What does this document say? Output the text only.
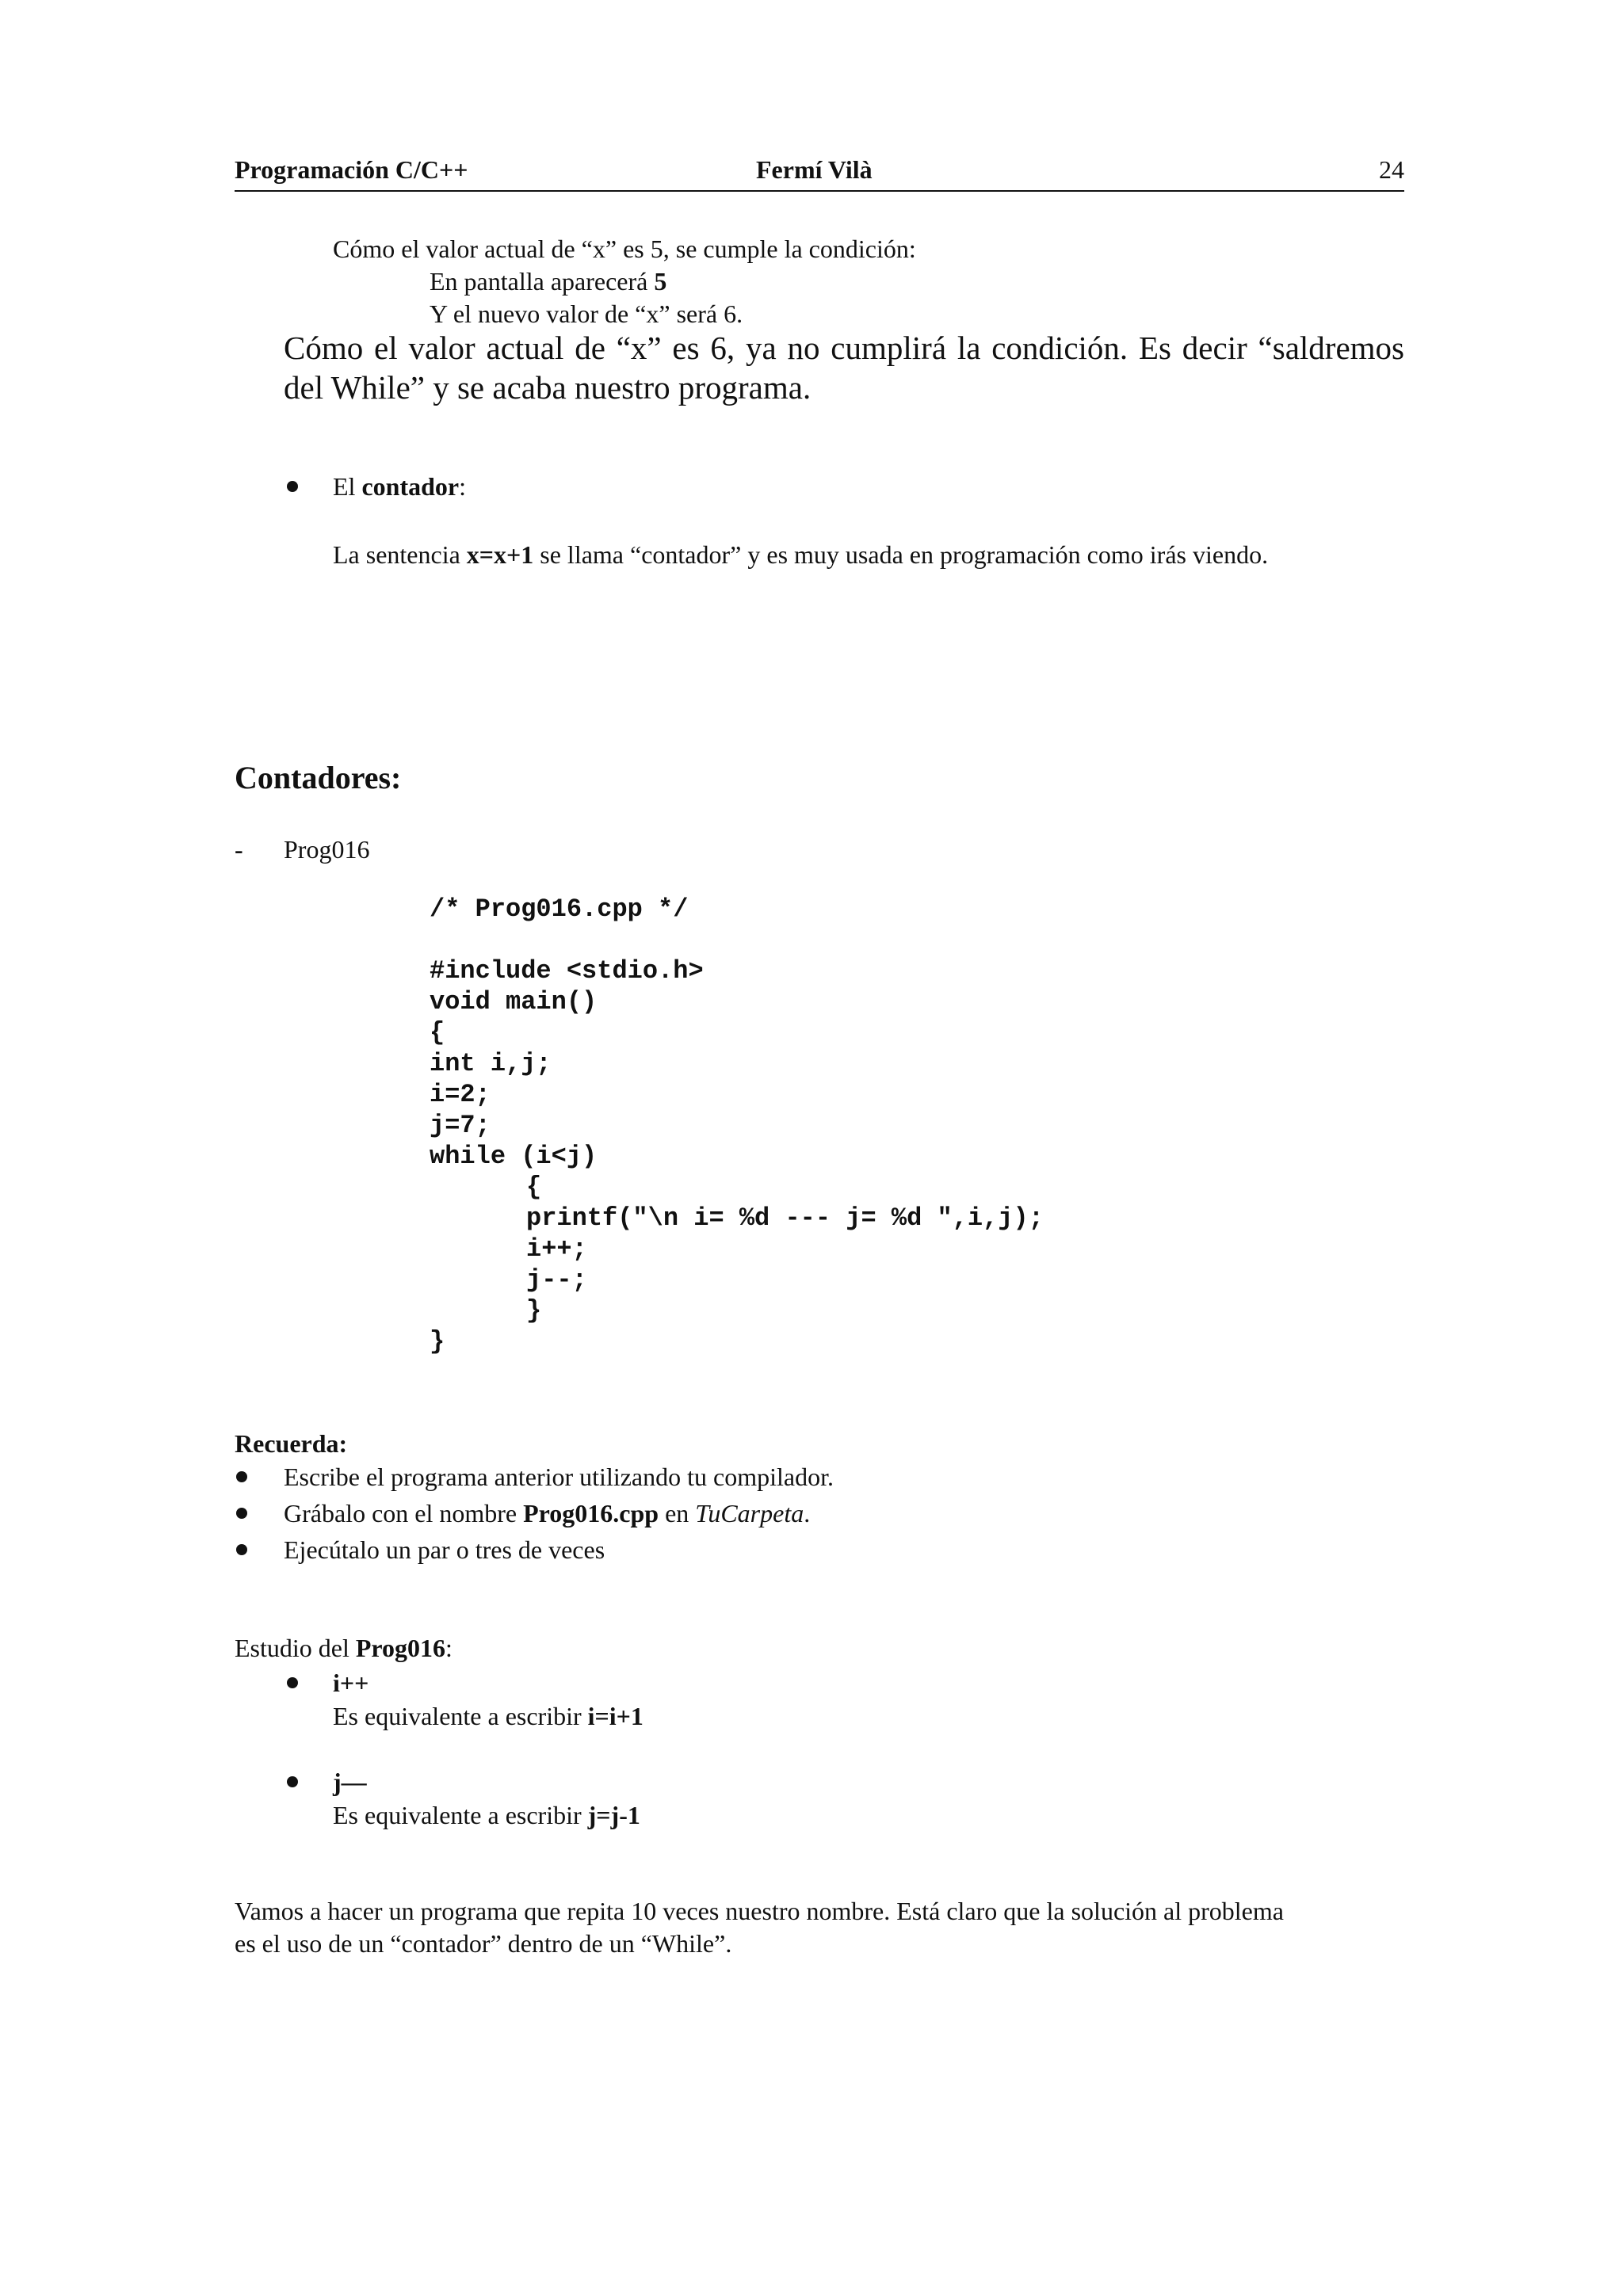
Programación C/C++	Fermí Vilà	24

Cómo el valor actual de “x” es 5, se cumple la condición:

En pantalla aparecerá 5

Y el nuevo valor de “x” será 6.

Cómo el valor actual de “x” es 6, ya no cumplirá la condición. Es decir “saldremos del While” y se acaba nuestro programa.

El contador:

La sentencia x=x+1 se llama “contador” y es muy usada en programación como irás viendo.

Contadores:

- Prog016

/* Prog016.cpp */

#include <stdio.h>

void main()

{

int i,j;

i=2;

j=7;

while (i<j)

{

printf("\n i= %d --- j= %d ",i,j);

i++;

j--;

}

}

Recuerda:

Escribe el programa anterior utilizando tu compilador.

Grábalo con el nombre Prog016.cpp en TuCarpeta.

Ejecútalo un par o tres de veces

Estudio del Prog016:

i++

Es equivalente a escribir i=i+1

j—

Es equivalente a escribir j=j-1

Vamos a hacer un programa que repita 10 veces nuestro nombre. Está claro que la solución al problema

es el uso de un “contador” dentro de un “While”.
